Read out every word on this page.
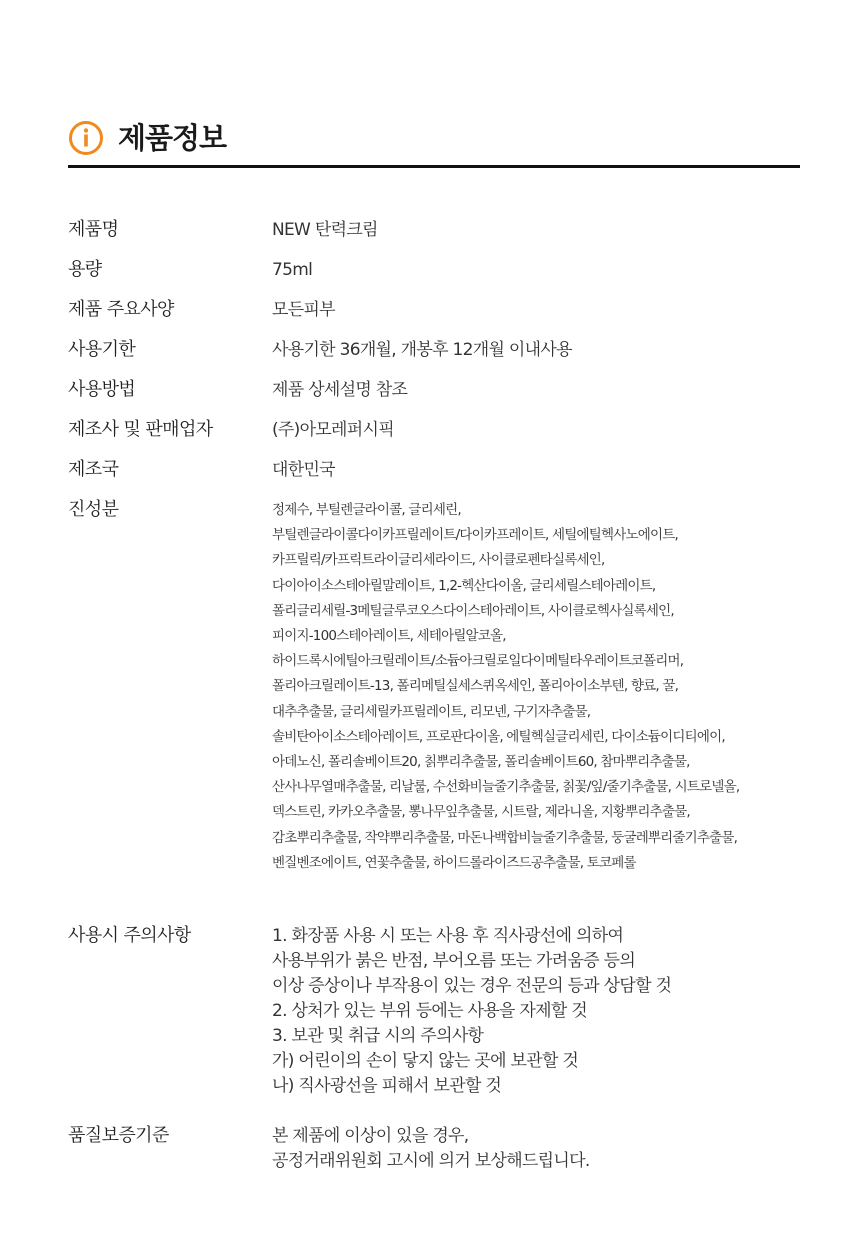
제품정보
제품명	NEW 탄력크림
용량	75ml
제품 주요사양	모든피부
사용기한	사용기한 36개월, 개봉후 12개월 이내사용
사용방법	제품 상세설명 참조
제조사 및 판매업자	(주)아모레퍼시픽
제조국	대한민국
진성분	정제수, 부틸렌글라이콜, 글리세린,
부틸렌글라이콜다이카프릴레이트/다이카프레이트, 세틸에틸헥사노에이트,
카프릴릭/카프릭트라이글리세라이드, 사이클로펜타실록세인,
다이아이소스테아릴말레이트, 1,2-헥산다이올, 글리세릴스테아레이트,
폴리글리세릴-3메틸글루코오스다이스테아레이트, 사이클로헥사실록세인,
피이지-100스테아레이트, 세테아릴알코올,
하이드록시에틸아크릴레이트/소듐아크릴로일다이메틸타우레이트코폴리머,
폴리아크릴레이트-13, 폴리메틸실세스퀴옥세인, 폴리아이소부텐, 향료, 꿀,
대추추출물, 글리세릴카프릴레이트, 리모넨, 구기자추출물,
솔비탄아이소스테아레이트, 프로판다이올, 에틸헥실글리세린, 다이소듐이디티에이,
아데노신, 폴리솔베이트20, 칡뿌리추출물, 폴리솔베이트60, 참마뿌리추출물,
산사나무열매추출물, 리날룰, 수선화비늘줄기추출물, 칡꽃/잎/줄기추출물, 시트로넬올,
덱스트린, 카카오추출물, 뽕나무잎추출물, 시트랄, 제라니올, 지황뿌리추출물,
감초뿌리추출물, 작약뿌리추출물, 마돈나백합비늘줄기추출물, 둥굴레뿌리줄기추출물,
벤질벤조에이트, 연꽃추출물, 하이드롤라이즈드공추출물, 토코페롤
사용시 주의사항	1. 화장품 사용 시 또는 사용 후 직사광선에 의하여
사용부위가 붉은 반점, 부어오름 또는 가려움증 등의
이상 증상이나 부작용이 있는 경우 전문의 등과 상담할 것
2. 상처가 있는 부위 등에는 사용을 자제할 것
3. 보관 및 취급 시의 주의사항
가) 어린이의 손이 닿지 않는 곳에 보관할 것
나) 직사광선을 피해서 보관할 것
품질보증기준	본 제품에 이상이 있을 경우,
공정거래위원회 고시에 의거 보상해드립니다.
